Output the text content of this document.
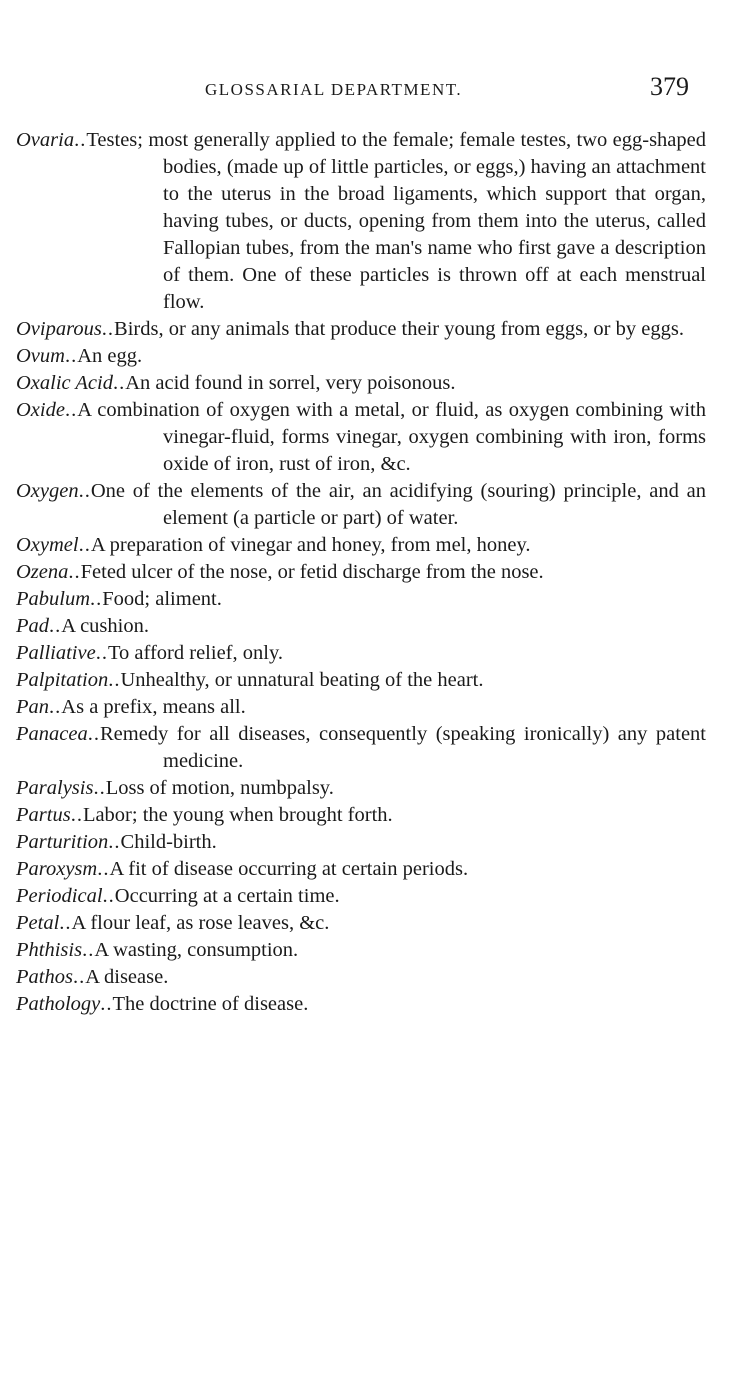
GLOSSARIAL DEPARTMENT.	379
Ovaria..Testes; most generally applied to the female; female testes, two egg-shaped bodies, (made up of little particles, or eggs,) having an attachment to the uterus in the broad ligaments, which support that organ, having tubes, or ducts, opening from them into the uterus, called Fallopian tubes, from the man's name who first gave a description of them. One of these particles is thrown off at each menstrual flow.
Oviparous..Birds, or any animals that produce their young from eggs, or by eggs.
Ovum..An egg.
Oxalic Acid..An acid found in sorrel, very poisonous.
Oxide..A combination of oxygen with a metal, or fluid, as oxygen combining with vinegar-fluid, forms vinegar, oxygen combining with iron, forms oxide of iron, rust of iron, &c.
Oxygen..One of the elements of the air, an acidifying (souring) principle, and an element (a particle or part) of water.
Oxymel..A preparation of vinegar and honey, from mel, honey.
Ozena..Feted ulcer of the nose, or fetid discharge from the nose.
Pabulum..Food; aliment.
Pad..A cushion.
Palliative..To afford relief, only.
Palpitation..Unhealthy, or unnatural beating of the heart.
Pan..As a prefix, means all.
Panacea..Remedy for all diseases, consequently (speaking ironically) any patent medicine.
Paralysis..Loss of motion, numbpalsy.
Partus..Labor; the young when brought forth.
Parturition..Child-birth.
Paroxysm..A fit of disease occurring at certain periods.
Periodical..Occurring at a certain time.
Petal..A flour leaf, as rose leaves, &c.
Phthisis..A wasting, consumption.
Pathos..A disease.
Pathology..The doctrine of disease.
